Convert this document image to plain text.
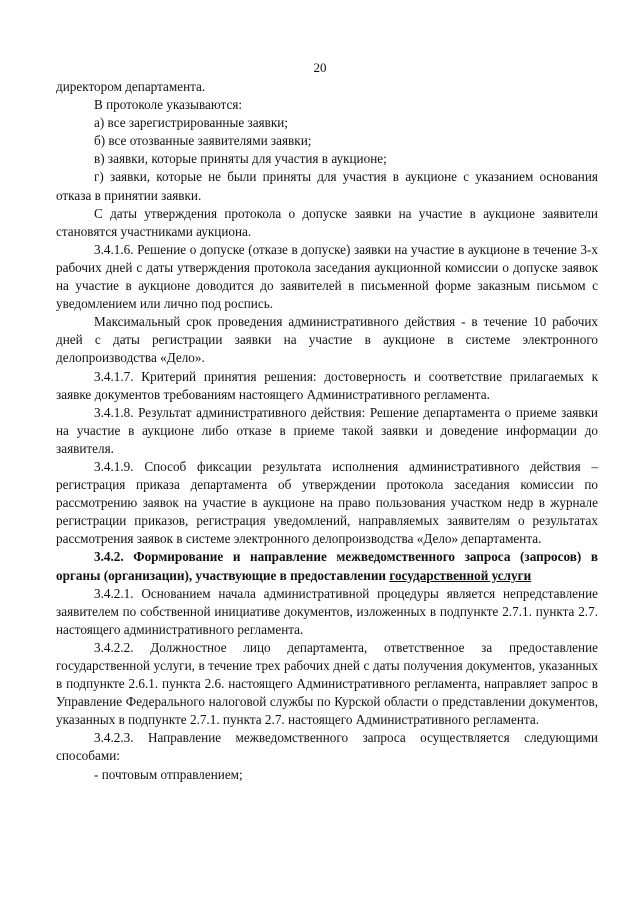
20

директором департамента.

В протоколе указываются:

а) все зарегистрированные заявки;

б) все отозванные заявителями заявки;

в) заявки, которые приняты для участия в аукционе;

г) заявки, которые не были приняты для участия в аукционе с указанием основания отказа в принятии заявки.

С даты утверждения протокола о допуске заявки на участие в аукционе заявители становятся участниками аукциона.

3.4.1.6. Решение о допуске (отказе в допуске) заявки на участие в аукционе в течение 3-х рабочих дней с даты утверждения протокола заседания аукционной комиссии о допуске заявок на участие в аукционе доводится до заявителей в письменной форме заказным письмом с уведомлением или лично под роспись.

Максимальный срок проведения административного действия - в течение 10 рабочих дней с даты регистрации заявки на участие в аукционе в системе электронного делопроизводства «Дело».

3.4.1.7. Критерий принятия решения: достоверность и соответствие прилагаемых к заявке документов требованиям настоящего Административного регламента.

3.4.1.8. Результат административного действия: Решение департамента о приеме заявки на участие в аукционе либо отказе в приеме такой заявки и доведение информации до заявителя.

3.4.1.9. Способ фиксации результата исполнения административного действия – регистрация приказа департамента об утверждении протокола заседания комиссии по рассмотрению заявок на участие в аукционе на право пользования участком недр в журнале регистрации приказов, регистрация уведомлений, направляемых заявителям о результатах рассмотрения заявок в системе электронного делопроизводства «Дело» департамента.

3.4.2. Формирование и направление межведомственного запроса (запросов) в органы (организации), участвующие в предоставлении государственной услуги

3.4.2.1. Основанием начала административной процедуры является непредставление заявителем по собственной инициативе документов, изложенных в подпункте 2.7.1. пункта 2.7. настоящего административного регламента.

3.4.2.2. Должностное лицо департамента, ответственное за предоставление государственной услуги, в течение трех рабочих дней с даты получения документов, указанных в подпункте 2.6.1. пункта 2.6. настоящего Административного регламента, направляет запрос в Управление Федерального налоговой службы по Курской области о представлении документов, указанных в подпункте 2.7.1. пункта 2.7. настоящего Административного регламента.

3.4.2.3. Направление межведомственного запроса осуществляется следующими способами:

- почтовым отправлением;
